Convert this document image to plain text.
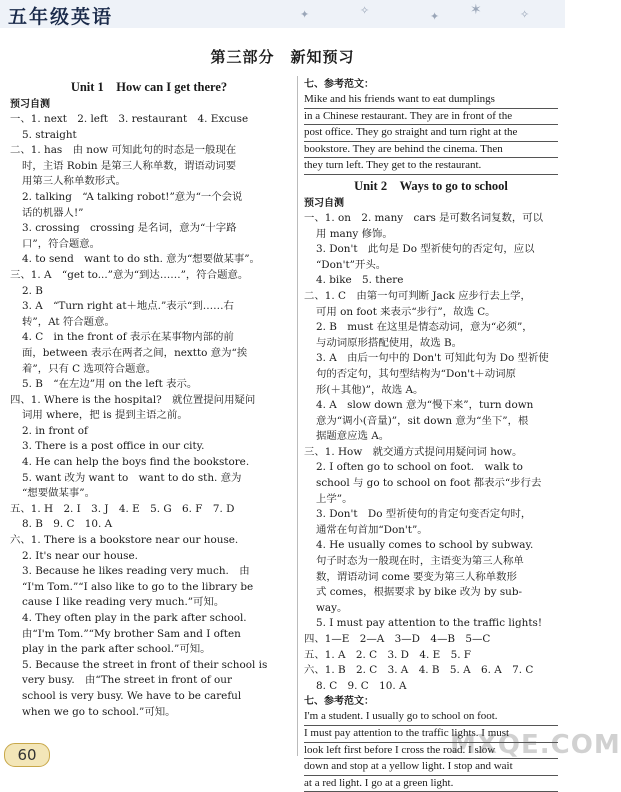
五年级英语	✦	✧	✦ ✶	✧
第三部分　新知预习
Unit 1　How can I get there?
预习自测
一、1. next　2. left　3. restaurant　4. Excuse
5. straight
二、1. has　由 now 可知此句的时态是一般现在
时，主语 Robin 是第三人称单数，谓语动词要
用第三人称单数形式。
2. talking　“A talking robot!”意为“一个会说
话的机器人!”
3. crossing　crossing 是名词，意为“十字路
口”，符合题意。
4. to send　want to do sth. 意为“想要做某事”。
三、1. A　“get to...”意为“到达……”，符合题意。
2. B
3. A　“Turn right at＋地点.”表示“到……右
转”，At 符合题意。
4. C　in the front of 表示在某事物内部的前
面，between 表示在两者之间，nextto 意为“挨
着”，只有 C 选项符合题意。
5. B　“在左边”用 on the left 表示。
四、1. Where is the hospital?　就位置提问用疑问
词用 where，把 is 提到主语之前。
2. in front of
3. There is a post office in our city.
4. He can help the boys find the bookstore.
5. want 改为 want to　want to do sth. 意为
“想要做某事”。
五、1. H　2. I　3. J　4. E　5. G　6. F　7. D
8. B　9. C　10. A
六、1. There is a bookstore near our house.
2. It's near our house.
3. Because he likes reading very much.　由
“I'm Tom.”“I also like to go to the library be
cause I like reading very much.”可知。
4. They often play in the park after school.
由“I'm Tom.”“My brother Sam and I often
play in the park after school.”可知。
5. Because the street in front of their school is
very busy.　由“The street in front of our
school is very busy. We have to be careful
when we go to school.”可知。
七、参考范文：
Mike and his friends want to eat dumplings
in a Chinese restaurant. They are in front of the
post office. They go straight and turn right at the
bookstore. They are behind the cinema. Then
they turn left. They get to the restaurant.
Unit 2　Ways to go to school
预习自测
一、1. on　2. many　cars 是可数名词复数，可以
用 many 修饰。
3. Don't　此句是 Do 型祈使句的否定句，应以
“Don't”开头。
4. bike　5. there
二、1. C　由第一句可判断 Jack 应步行去上学，
可用 on foot 来表示“步行”，故选 C。
2. B　must 在这里是情态动词，意为“必须”，
与动词原形搭配使用，故选 B。
3. A　由后一句中的 Don't 可知此句为 Do 型祈使
句的否定句，其句型结构为“Don't＋动词原
形(＋其他)”，故选 A。
4. A　slow down 意为“慢下来”，turn down
意为“调小(音量)”，sit down 意为“坐下”，根
据题意应选 A。
三、1. How　就交通方式提问用疑问词 how。
2. I often go to school on foot.　walk to
school 与 go to school on foot 都表示“步行去
上学”。
3. Don't　Do 型祈使句的肯定句变否定句时，
通常在句首加“Don't”。
4. He usually comes to school by subway.
句子时态为一般现在时，主语变为第三人称单
数，谓语动词 come 要变为第三人称单数形
式 comes，根据要求 by bike 改为 by sub-
way。
5. I must pay attention to the traffic lights!
四、1—E　2—A　3—D　4—B　5—C
五、1. A　2. C　3. D　4. E　5. F
六、1. B　2. C　3. A　4. B　5. A　6. A　7. C
8. C　9. C　10. A
七、参考范文：
I'm a student. I usually go to school on foot.
I must pay attention to the traffic lights. I must
look left first before I cross the road. I slow
down and stop at a yellow light. I stop and wait
at a red light. I go at a green light.
60	MXQE.COM
